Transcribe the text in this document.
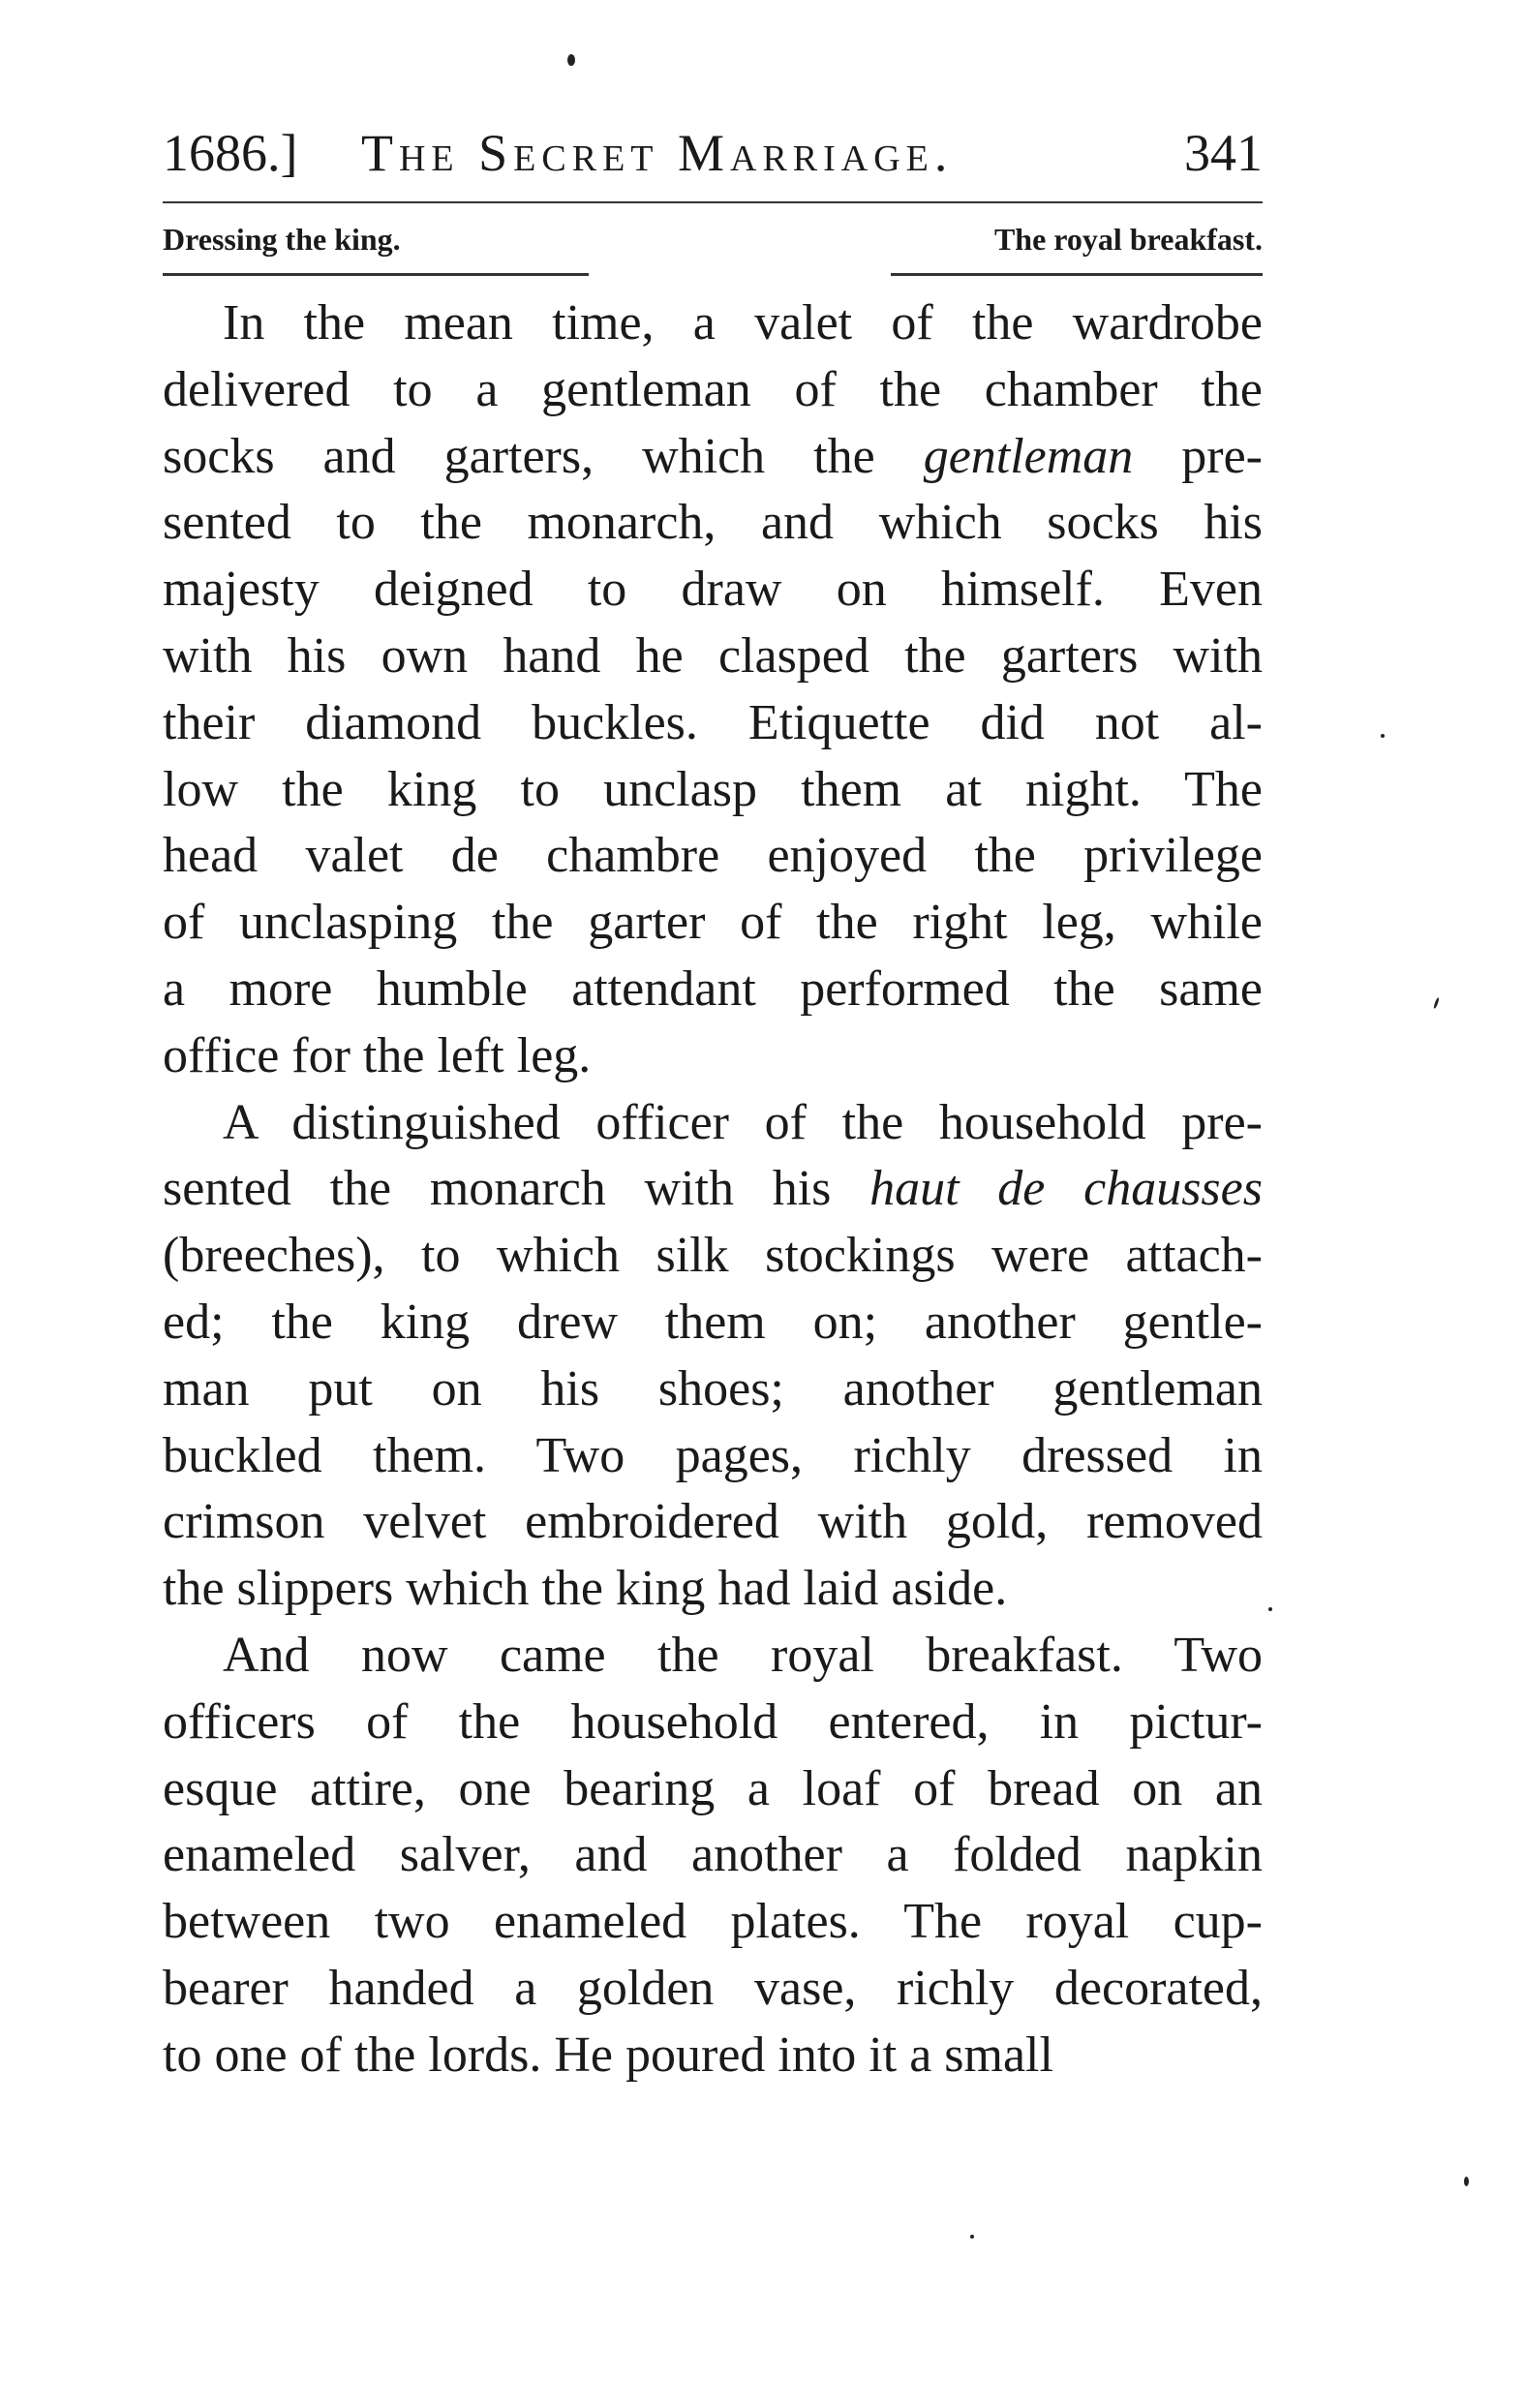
1686.] The Secret Marriage.	341
Dressing the king.	The royal breakfast.
In the mean time, a valet of the wardrobe
delivered to a gentleman of the chamber the
socks and garters, which the gentleman pre-
sented to the monarch, and which socks his
majesty deigned to draw on himself. Even
with his own hand he clasped the garters with
their diamond buckles. Etiquette did not al-
low the king to unclasp them at night. The
head valet de chambre enjoyed the privilege
of unclasping the garter of the right leg, while
a more humble attendant performed the same
office for the left leg.
A distinguished officer of the household pre-
sented the monarch with his haut de chausses
(breeches), to which silk stockings were attach-
ed; the king drew them on; another gentle-
man put on his shoes; another gentleman
buckled them. Two pages, richly dressed in
crimson velvet embroidered with gold, removed
the slippers which the king had laid aside.
And now came the royal breakfast. Two
officers of the household entered, in pictur-
esque attire, one bearing a loaf of bread on an
enameled salver, and another a folded napkin
between two enameled plates. The royal cup-
bearer handed a golden vase, richly decorated,
to one of the lords. He poured into it a small
